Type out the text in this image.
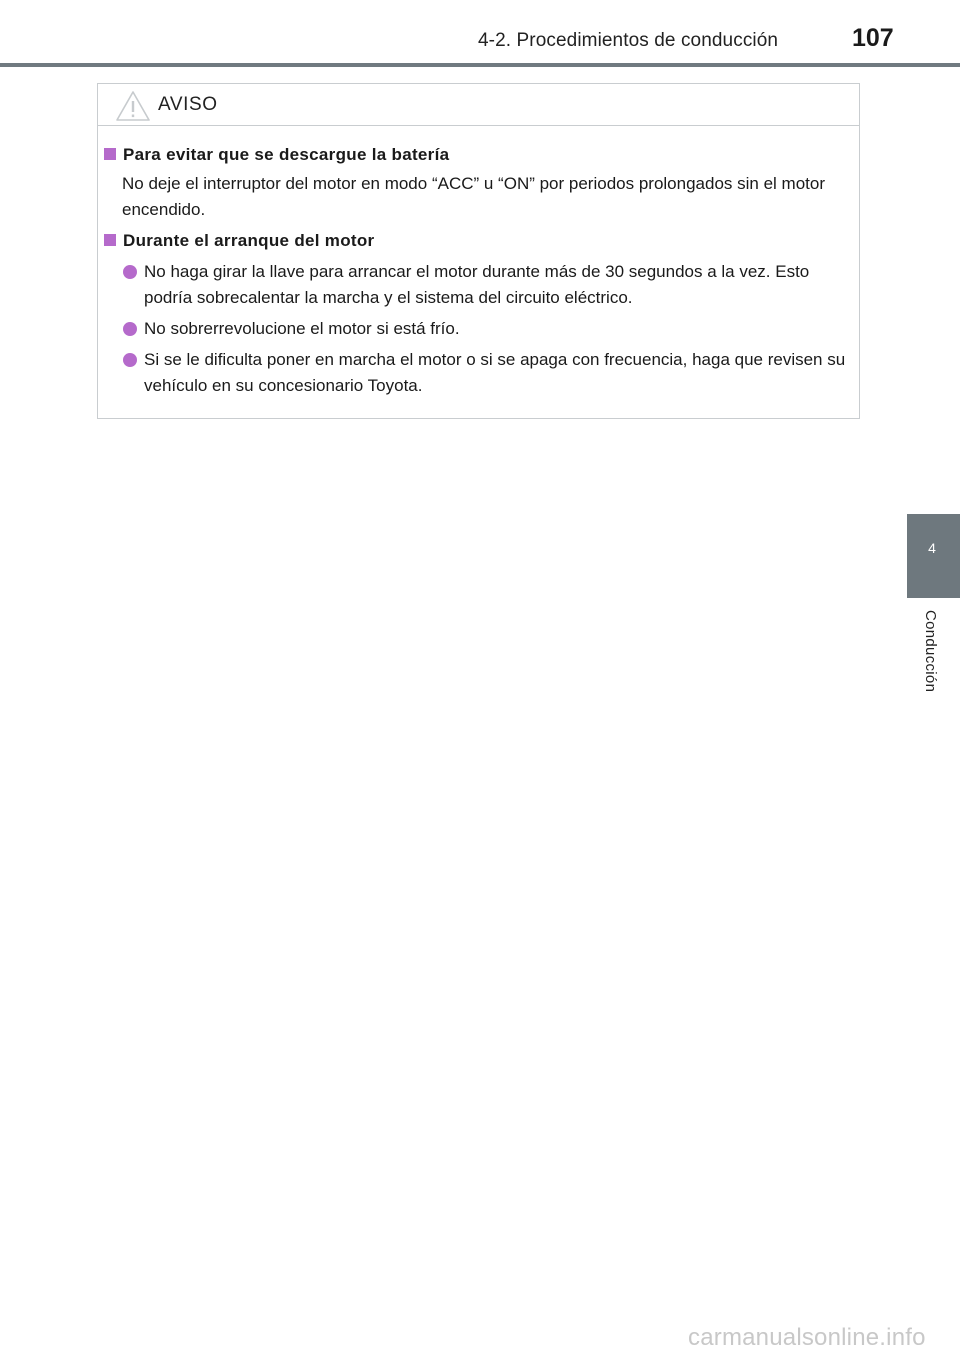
4-2. Procedimientos de conducción	107
4
Conducción
AVISO
Para evitar que se descargue la batería
No deje el interruptor del motor en modo “ACC” u “ON” por periodos prolongados sin el motor encendido.
Durante el arranque del motor
No haga girar la llave para arrancar el motor durante más de 30 segundos a la vez. Esto podría sobrecalentar la marcha y el sistema del circuito eléctrico.
No sobrerrevolucione el motor si está frío.
Si se le dificulta poner en marcha el motor o si se apaga con frecuencia, haga que revisen su vehículo en su concesionario Toyota.
carmanualsonline.info
